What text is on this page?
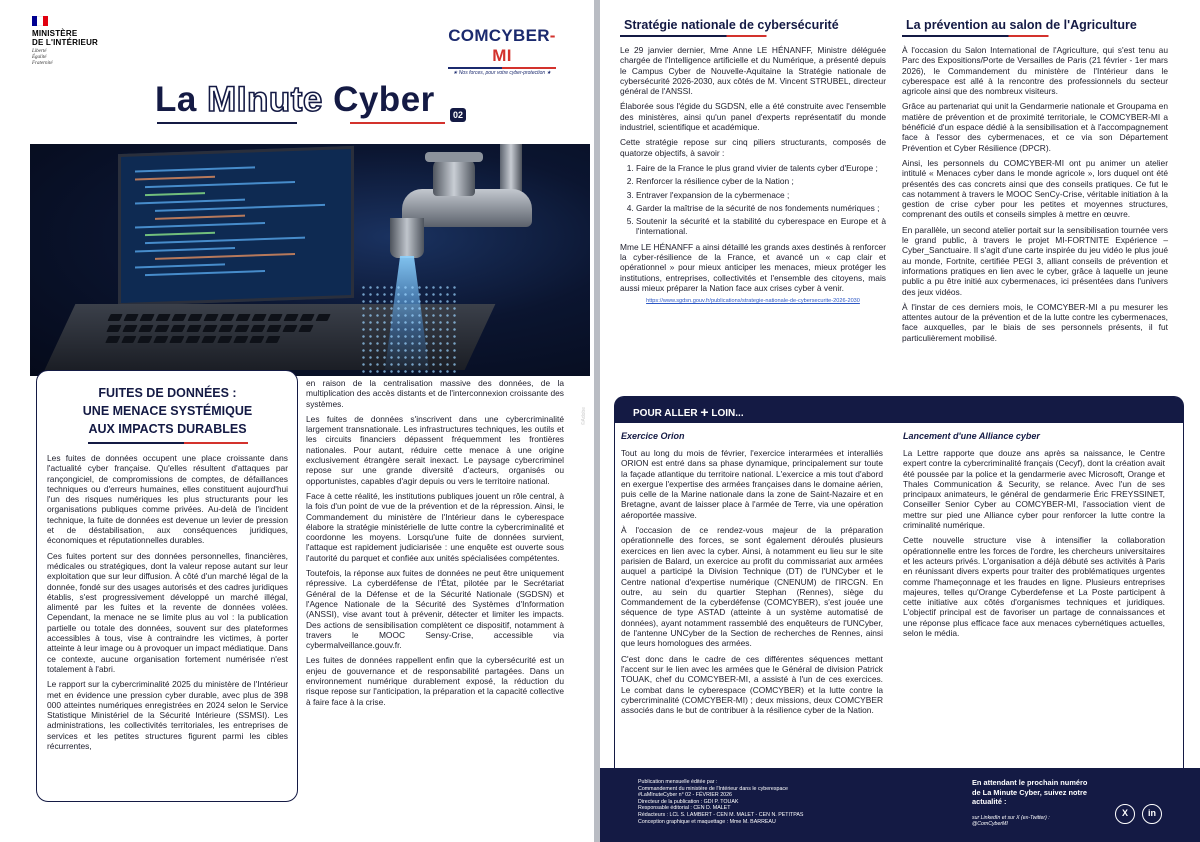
MINISTÈRE
DE L'INTÉRIEUR
Liberté
Égalité
Fraternité
COMCYBER-MI
★ Nos forces, pour votre cyber-protection ★
La MInute Cyber	02
©Adobe
FUITES DE DONNÉES :
UNE MENACE SYSTÉMIQUE
AUX IMPACTS DURABLES

Les fuites de données occupent une place croissante dans l'actualité cyber française. Qu'elles résultent d'attaques par rançongiciel, de compromissions de comptes, de défaillances techniques ou d'erreurs humaines, elles constituent aujourd'hui l'un des risques numériques les plus structurants pour les organisations publiques comme privées. Au-delà de l'incident technique, la fuite de données est devenue un levier de pression et de déstabilisation, aux conséquences juridiques, économiques et réputationnelles durables.

Ces fuites portent sur des données personnelles, financières, médicales ou stratégiques, dont la valeur repose autant sur leur exploitation que sur leur diffusion. À côté d'un marché légal de la donnée, fondé sur des usages autorisés et des cadres juridiques établis, s'est progressivement développé un marché illégal, alimenté par les fuites et la revente de données volées. Cependant, la menace ne se limite plus au vol : la publication partielle ou totale des données, souvent sur des plateformes accessibles à tous, vise à contraindre les victimes, à porter atteinte à leur image ou à provoquer un impact médiatique. Dans ce contexte, aucune organisation fortement numérisée n'est totalement à l'abri.

Le rapport sur la cybercriminalité 2025 du ministère de l'Intérieur met en évidence une pression cyber durable, avec plus de 398 000 atteintes numériques enregistrées en 2024 selon le Service Statistique Ministériel de la Sécurité Intérieure (SSMSI). Les administrations, les collectivités territoriales, les entreprises de services et les petites structures figurent parmi les cibles récurrentes,

en raison de la centralisation massive des données, de la multiplication des accès distants et de l'interconnexion croissante des systèmes.

Les fuites de données s'inscrivent dans une cybercriminalité largement transnationale. Les infrastructures techniques, les outils et les circuits financiers dépassent fréquemment les frontières nationales. Pour autant, réduire cette menace à une origine exclusivement étrangère serait inexact. Le paysage cybercriminel repose sur une grande diversité d'acteurs, organisés ou opportunistes, capables d'agir depuis ou vers le territoire national.

Face à cette réalité, les institutions publiques jouent un rôle central, à la fois d'un point de vue de la prévention et de la répression. Ainsi, le Commandement du ministère de l'Intérieur dans le cyberespace élabore la stratégie ministérielle de lutte contre la cybercriminalité et coordonne les moyens. Lorsqu'une fuite de données survient, l'attaque est rapidement judiciarisée : une enquête est ouverte sous l'autorité du parquet et confiée aux unités spécialisées compétentes.

Toutefois, la réponse aux fuites de données ne peut être uniquement répressive. La cyberdéfense de l'État, pilotée par le Secrétariat Général de la Défense et de la Sécurité Nationale (SGDSN) et l'Agence Nationale de la Sécurité des Systèmes d'Information (ANSSI), vise avant tout à prévenir, détecter et limiter les impacts. Des actions de sensibilisation complètent ce dispositif, notamment à travers le MOOC Sensy-Crise, accessible via cybermalveillance.gouv.fr.

Les fuites de données rappellent enfin que la cybersécurité est un enjeu de gouvernance et de responsabilité partagées. Dans un environnement numérique durablement exposé, la réduction du risque repose sur l'anticipation, la préparation et la capacité collective à faire face à la crise.

Stratégie nationale de cybersécurité

Le 29 janvier dernier, Mme Anne LE HÉNANFF, Ministre déléguée chargée de l'Intelligence artificielle et du Numérique, a présenté depuis le Campus Cyber de Nouvelle-Aquitaine la Stratégie nationale de cybersécurité 2026-2030, aux côtés de M. Vincent STRUBEL, directeur général de l'ANSSI.

Élaborée sous l'égide du SGDSN, elle a été construite avec l'ensemble des ministères, ainsi qu'un panel d'experts représentatif du monde industriel, scientifique et académique.

Cette stratégie repose sur cinq piliers structurants, composés de quatorze objectifs, à savoir :

1. Faire de la France le plus grand vivier de talents cyber d'Europe ;
2. Renforcer la résilience cyber de la Nation ;
3. Entraver l'expansion de la cybermenace ;
4. Garder la maîtrise de la sécurité de nos fondements numériques ;
5. Soutenir la sécurité et la stabilité du cyberespace en Europe et à l'international.

Mme LE HÉNANFF a ainsi détaillé les grands axes destinés à renforcer la cyber-résilience de la France, et avancé un « cap clair et opérationnel » pour mieux anticiper les menaces, mieux protéger les institutions, entreprises, collectivités et l'ensemble des citoyens, mais aussi mieux préparer la Nation face aux crises cyber à venir.

https://www.sgdsn.gouv.fr/publications/strategie-nationale-de-cybersecurite-2026-2030
La prévention au salon de l'Agriculture

À l'occasion du Salon International de l'Agriculture, qui s'est tenu au Parc des Expositions/Porte de Versailles de Paris (21 février - 1er mars 2026), le Commandement du ministère de l'Intérieur dans le cyberespace est allé à la rencontre des professionnels du secteur agricole ainsi que des nombreux visiteurs.

Grâce au partenariat qui unit la Gendarmerie nationale et Groupama en matière de prévention et de proximité territoriale, le COMCYBER-MI a bénéficié d'un espace dédié à la sensibilisation et à l'accompagnement face à l'essor des cybermenaces, et ce via son Département Prévention et Cyber Résilience (DPCR).

Ainsi, les personnels du COMCYBER-MI ont pu animer un atelier intitulé « Menaces cyber dans le monde agricole », lors duquel ont été présentés des cas concrets ainsi que des conseils pratiques. Ce fut le cas notamment à travers le MOOC SenCy-Crise, véritable initiation à la gestion de crise cyber pour les petites et moyennes structures, comprenant des outils et conseils simples à mettre en œuvre.

En parallèle, un second atelier portait sur la sensibilisation tournée vers le grand public, à travers le projet MI-FORTNITE Expérience – Cyber_Sanctuaire. Il s'agit d'une carte inspirée du jeu vidéo le plus joué au monde, Fortnite, certifiée PEGI 3, alliant conseils de prévention et informations pratiques en lien avec le cyber, grâce à laquelle un jeune public a pu être initié aux cybermenaces, ici présentées dans l'univers des jeux vidéos.

À l'instar de ces derniers mois, le COMCYBER-MI a pu mesurer les attentes autour de la prévention et de la lutte contre les cybermenaces, face auxquelles, par le biais de ses personnels présents, il fut particulièrement mobilisé.

POUR ALLER + LOIN...
Exercice Orion

Tout au long du mois de février, l'exercice interarmées et interalliés ORION est entré dans sa phase dynamique, principalement sur toute la façade atlantique du territoire national. L'exercice a mis tout d'abord en exergue l'expertise des armées françaises dans le domaine aérien, puis celle de la Marine nationale dans la zone de Saint-Nazaire et en Bretagne, avant de laisser place à l'armée de Terre, via une opération aéroportée massive.

À l'occasion de ce rendez-vous majeur de la préparation opérationnelle des forces, se sont également déroulés plusieurs exercices en lien avec la cyber. Ainsi, à notamment eu lieu sur le site parisien de Balard, un exercice au profit du commissariat aux armées auquel a participé la Division Technique (DT) de l'UNCyber et le Centre national d'expertise numérique (CNENUM) de l'IRCGN. En outre, au sein du quartier Stephan (Rennes), siège du Commandement de la cyberdéfense (COMCYBER), s'est jouée une séquence de type ASTAD (atteinte à un système automatisé de données), ayant notamment rassemblé des enquêteurs de l'UNCyber, de l'antenne UNCyber de la Section de recherches de Rennes, ainsi que leurs homologues des armées.

C'est donc dans le cadre de ces différentes séquences mettant l'accent sur le lien avec les armées que le Général de division Patrick TOUAK, chef du COMCYBER-MI, a assisté à l'un de ces exercices. Le combat dans le cyberespace (COMCYBER) et la lutte contre la cybercriminalité (COMCYBER-MI) ; deux missions, deux COMCYBER associés dans le but de contribuer à la résilience cyber de la Nation.

Lancement d'une Alliance cyber

La Lettre rapporte que douze ans après sa naissance, le Centre expert contre la cybercriminalité français (Cecyf), dont la création avait été poussée par la police et la gendarmerie avec Microsoft, Orange et Thales Communication & Security, se relance. Avec l'un de ses principaux animateurs, le général de gendarmerie Éric FREYSSINET, Conseiller Senior Cyber au COMCYBER-MI, l'association vient de mettre sur pied une Alliance cyber pour renforcer la lutte contre la criminalité numérique.

Cette nouvelle structure vise à intensifier la collaboration opérationnelle entre les forces de l'ordre, les chercheurs universitaires et les acteurs privés. L'organisation a déjà débuté ses activités à Paris en réunissant divers experts pour traiter des problématiques urgentes comme l'hameçonnage et les fraudes en ligne. Plusieurs entreprises majeures, telles qu'Orange Cyberdefense et La Poste participent à cette initiative aux côtés d'organismes techniques et juridiques. L'objectif principal est de favoriser un partage de connaissances et une réponse plus efficace face aux menaces cybernétiques actuelles, selon le média.

Publication mensuelle éditée par :
Commandement du ministère de l'Intérieur dans le cyberespace
#LaMInuteCyber n° 02 - FÉVRIER 2026
Directeur de la publication : GDI P. TOUAK
Responsable éditorial : CEN D. MALET
Rédacteurs : LCL S. LAMBERT - CEN M. MALET - CEN N. PETITPAS
Conception graphique et maquettage : Mme M. BARREAU
En attendant le prochain numéro
de La Minute Cyber, suivez notre
actualité :
sur LinkedIn et sur X (ex-Twitter) :
@ComCyberMI
X	in
